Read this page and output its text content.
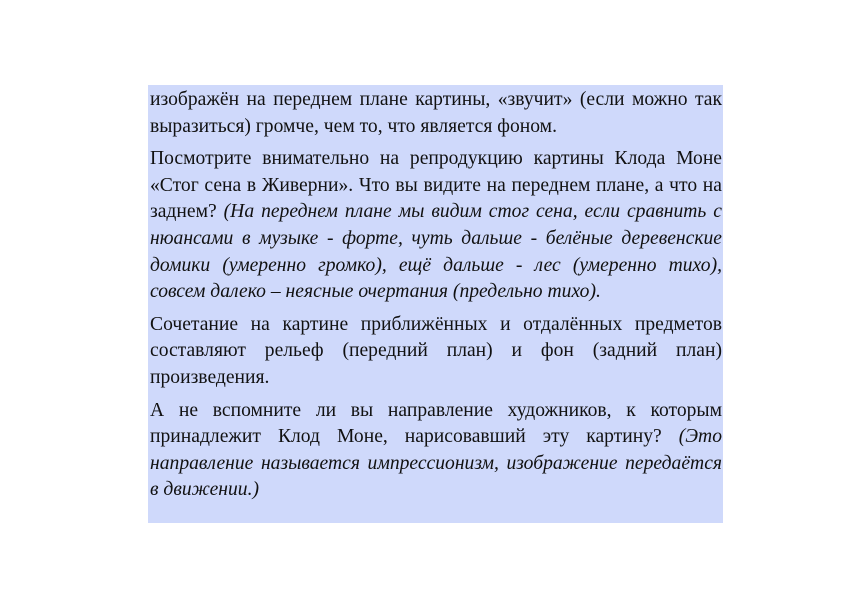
изображён на переднем плане картины, «звучит» (если можно так выразиться) громче, чем то, что является фоном.

Посмотрите внимательно на репродукцию картины Клода Моне «Стог сена в Живерни». Что вы видите на переднем плане, а что на заднем? (На переднем плане мы видим стог сена, если сравнить с нюансами в музыке - форте, чуть дальше - белёные деревенские домики (умеренно громко), ещё дальше - лес (умеренно тихо), совсем далеко – неясные очертания (предельно тихо).

Сочетание на картине приближённых и отдалённых предметов составляют рельеф (передний план) и фон (задний план) произведения.

А не вспомните ли вы направление художников, к которым принадлежит Клод Моне, нарисовавший эту картину? (Это направление называется импрессионизм, изображение передаётся в движении.)
